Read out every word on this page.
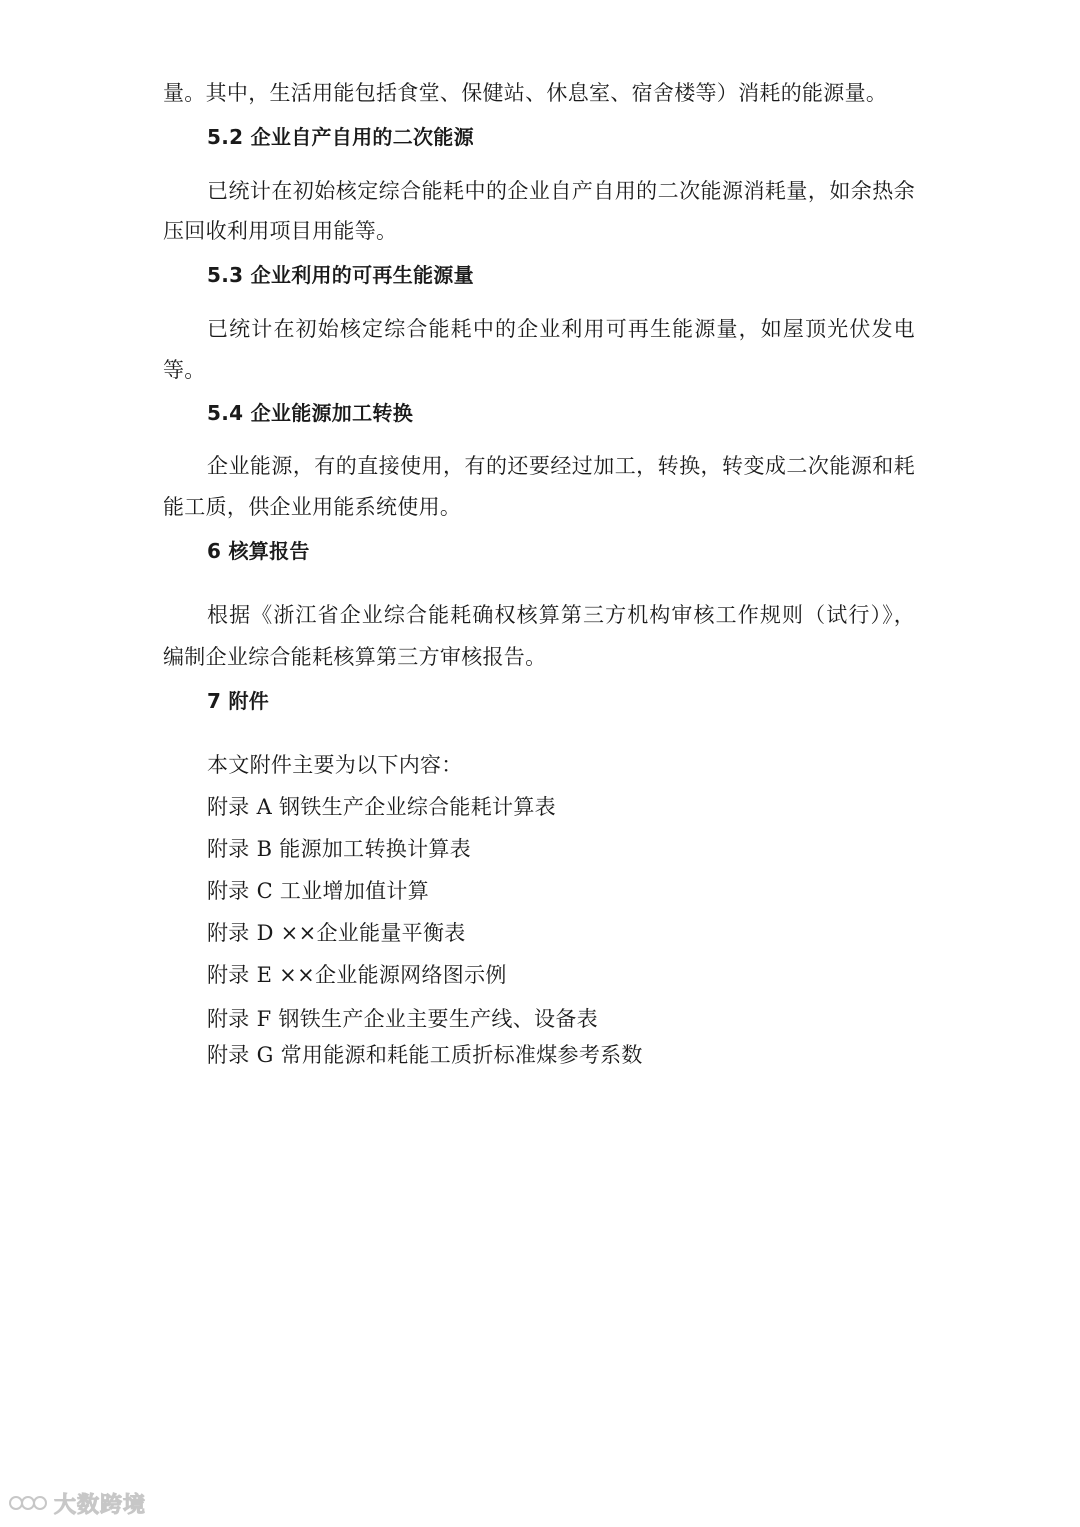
量。其中，生活用能包括食堂、保健站、休息室、宿舍楼等）消耗的能源量。
5.2 企业自产自用的二次能源
已统计在初始核定综合能耗中的企业自产自用的二次能源消耗量，如余热余
压回收利用项目用能等。
5.3 企业利用的可再生能源量
已统计在初始核定综合能耗中的企业利用可再生能源量，如屋顶光伏发电
等。
5.4 企业能源加工转换
企业能源，有的直接使用，有的还要经过加工，转换，转变成二次能源和耗
能工质，供企业用能系统使用。
6 核算报告
根据《浙江省企业综合能耗确权核算第三方机构审核工作规则（试行）》，
编制企业综合能耗核算第三方审核报告。
7 附件
本文附件主要为以下内容：
附录 A 钢铁生产企业综合能耗计算表
附录 B 能源加工转换计算表
附录 C 工业增加值计算
附录 D ××企业能量平衡表
附录 E ××企业能源网络图示例
附录 F 钢铁生产企业主要生产线、设备表
附录 G 常用能源和耗能工质折标准煤参考系数
大数跨境
